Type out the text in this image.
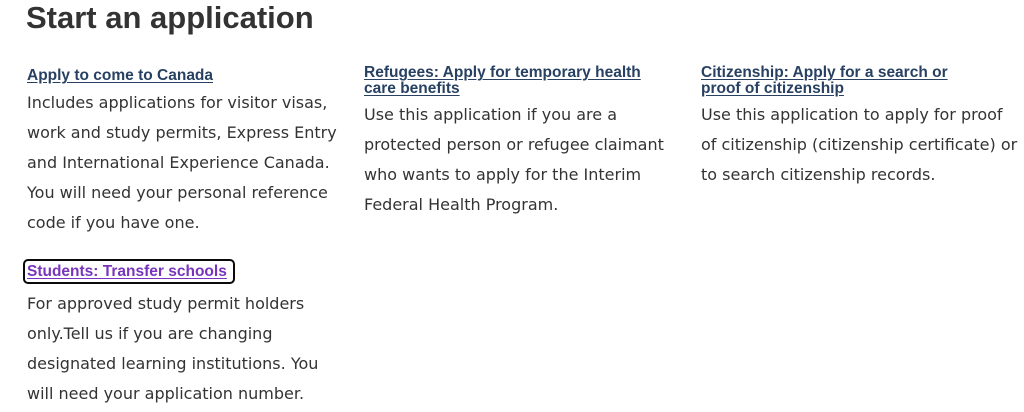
Start an application
Apply to come to Canada

Includes applications for visitor visas, work and study permits, Express Entry and International Experience Canada. You will need your personal reference code if you have one.

Refugees: Apply for temporary health
care benefits

Use this application if you are a protected person or refugee claimant who wants to apply for the Interim Federal Health Program.

Citizenship: Apply for a search or
proof of citizenship

Use this application to apply for proof of citizenship (citizenship certificate) or to search citizenship records.

Students: Transfer schools

For approved study permit holders only.Tell us if you are changing designated learning institutions. You will need your application number.
